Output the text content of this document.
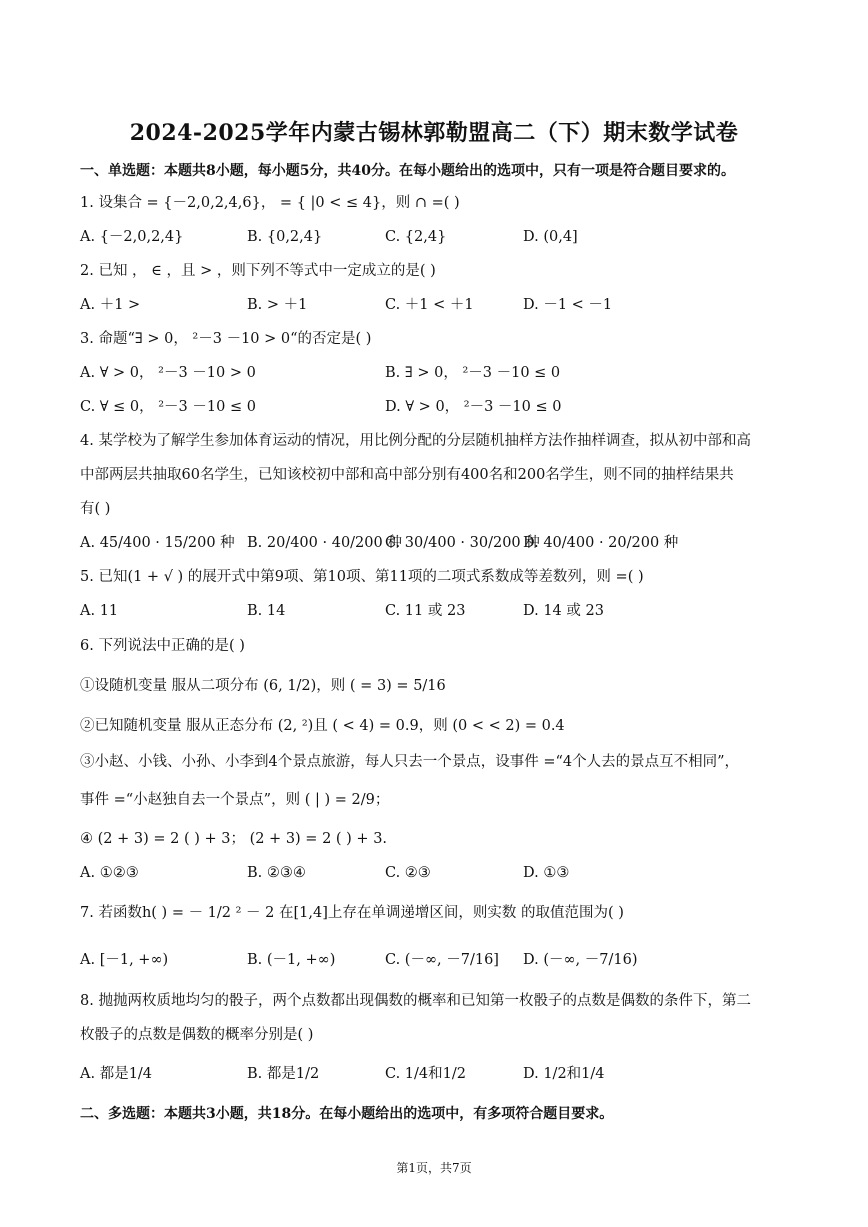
2024-2025学年内蒙古锡林郭勒盟高二（下）期末数学试卷
一、单选题：本题共8小题，每小题5分，共40分。在每小题给出的选项中，只有一项是符合题目要求的。
1. 设集合 = {－2,0,2,4,6}， = { |0 < ≤ 4}，则 ∩ =( )
A. {－2,0,2,4}	B. {0,2,4}	C. {2,4}	D. (0,4]
2. 已知 ， ∈ ，且 > ，则下列不等式中一定成立的是( )
A. ＋1 >	B. > ＋1	C. ＋1 < ＋1	D. －1 < －1
3. 命题“∃ > 0， ²－3 －10 > 0“的否定是( )
A. ∀ > 0， ²－3 －10 > 0	B. ∃ > 0， ²－3 －10 ≤ 0
C. ∀ ≤ 0， ²－3 －10 ≤ 0	D. ∀ > 0， ²－3 －10 ≤ 0
4. 某学校为了解学生参加体育运动的情况，用比例分配的分层随机抽样方法作抽样调查，拟从初中部和高
中部两层共抽取60名学生，已知该校初中部和高中部分别有400名和200名学生，则不同的抽样结果共
有( )
A. 45/400 · 15/200 种 B. 20/400 · 40/200 种
C. 30/400 · 30/200 种
D. 40/400 · 20/200 种
5. 已知(1 + √ ) 的展开式中第9项、第10项、第11项的二项式系数成等差数列，则 =( )
A. 11	B. 14	C. 11 或 23	D. 14 或 23
6. 下列说法中正确的是( )
①设随机变量 服从二项分布 (6, 1/2)，则 ( = 3) = 5/16
②已知随机变量 服从正态分布 (2, ²)且 ( < 4) = 0.9，则 (0 < < 2) = 0.4
③小赵、小钱、小孙、小李到4个景点旅游，每人只去一个景点，设事件 =“4个人去的景点互不相同”，
事件 =“小赵独自去一个景点”，则 ( | ) = 2/9；
④ (2 + 3) = 2 ( ) + 3； (2 + 3) = 2 ( ) + 3.
A. ①②③	B. ②③④	C. ②③	D. ①③
7. 若函数h( ) = － 1/2 ² － 2 在[1,4]上存在单调递增区间，则实数 的取值范围为( )
A. [－1, +∞)	B. (－1, +∞)	C. (－∞, －7/16] D. (－∞, －7/16)
8. 抛抛两枚质地均匀的骰子，两个点数都出现偶数的概率和已知第一枚骰子的点数是偶数的条件下，第二
枚骰子的点数是偶数的概率分别是( )
A. 都是1/4	B. 都是1/2	C. 1/4和1/2	D. 1/2和1/4
二、多选题：本题共3小题，共18分。在每小题给出的选项中，有多项符合题目要求。
第1页，共7页
